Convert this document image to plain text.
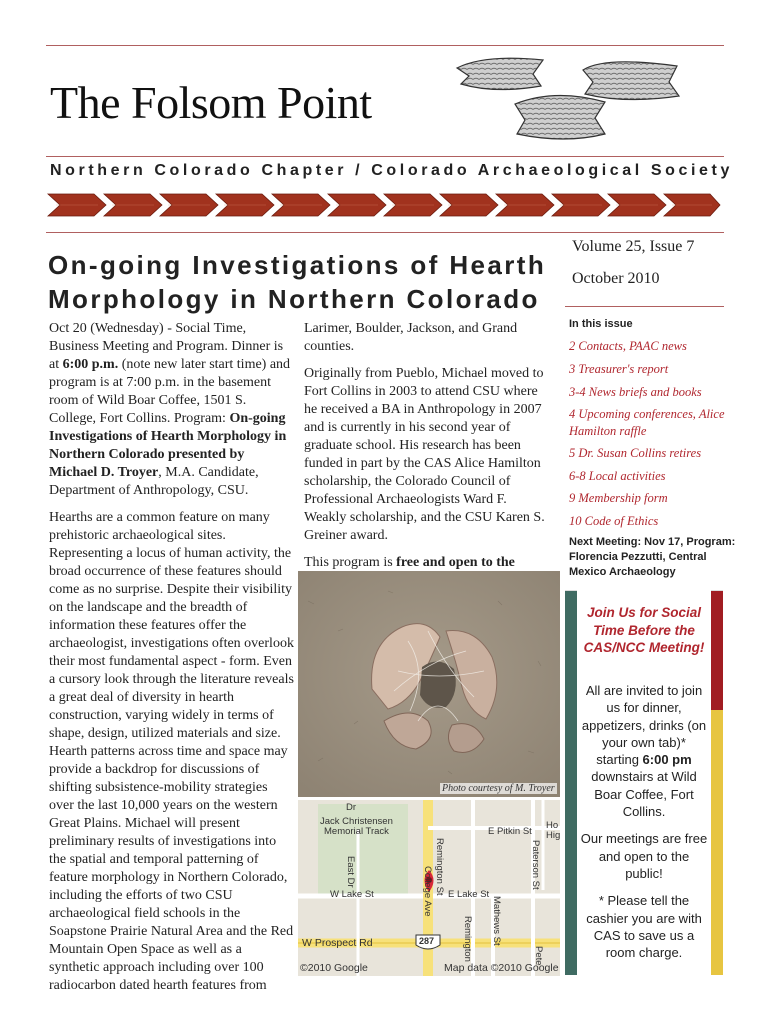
The Folsom Point
Northern Colorado Chapter / Colorado Archaeological Society
On-going Investigations of Hearth
Morphology in Northern Colorado

Oct 20 (Wednesday) - Social Time, Business Meeting and Program. Dinner is at 6:00 p.m. (note new later start time) and program is at 7:00 p.m. in the basement room of Wild Boar Coffee, 1501 S. College, Fort Collins. Program: On-going Investigations of Hearth Morphology in Northern Colorado presented by Michael D. Troyer, M.A. Candidate, Department of Anthropology, CSU.

Hearths are a common feature on many prehistoric archaeological sites. Representing a locus of human activity, the broad occurrence of these features should come as no surprise. Despite their visibility on the landscape and the breadth of information these features offer the archaeologist, investigations often overlook their most fundamental aspect - form. Even a cursory look through the literature reveals a great deal of diversity in hearth construction, varying widely in terms of shape, design, utilized materials and size. Hearth patterns across time and space may provide a backdrop for discussions of shifting subsistence-mobility strategies over the last 10,000 years on the western Great Plains. Michael will present preliminary results of investigations into the spatial and temporal patterning of feature morphology in Northern Colorado, including the efforts of two CSU archaeological field schools in the Soapstone Prairie Natural Area and the Red Mountain Open Space as well as a synthetic approach including over 100 radiocarbon dated hearth features from

Larimer, Boulder, Jackson, and Grand counties.

Originally from Pueblo, Michael moved to Fort Collins in 2003 to attend CSU where he received a BA in Anthropology in 2007 and is currently in his second year of graduate school. His research has been funded in part by the CAS Alice Hamilton scholarship, the Colorado Council of Professional Archaeologists Ward F. Weakly scholarship, and the CSU Karen S. Greiner award.

This program is free and open to the

Photo courtesy of M. Troyer
Dr
Jack Christensen
Memorial Track	E Pitkin St
Ho
Hig
Remington St	Paterson St
East Dr
W Lake St	E Lake St
College Ave
Mathews St
Remington	Pete
W Prospect Rd	287
©2010 Google	Map data ©2010 Google
Volume 25, Issue 7
October 2010
In this issue
2 Contacts, PAAC news
3 Treasurer's report
3-4 News briefs and books
4 Upcoming conferences, Alice Hamilton raffle
5 Dr. Susan Collins retires
6-8 Local activities
9 Membership form
10 Code of Ethics
Next Meeting: Nov 17, Program: Florencia Pezzutti, Central Mexico Archaeology
Join Us for Social Time Before the CAS/NCC Meeting!

All are invited to join us for dinner, appetizers, drinks (on your own tab)* starting 6:00 pm downstairs at Wild Boar Coffee, Fort Collins.

Our meetings are free and open to the public!

* Please tell the cashier you are with CAS to save us a room charge.
